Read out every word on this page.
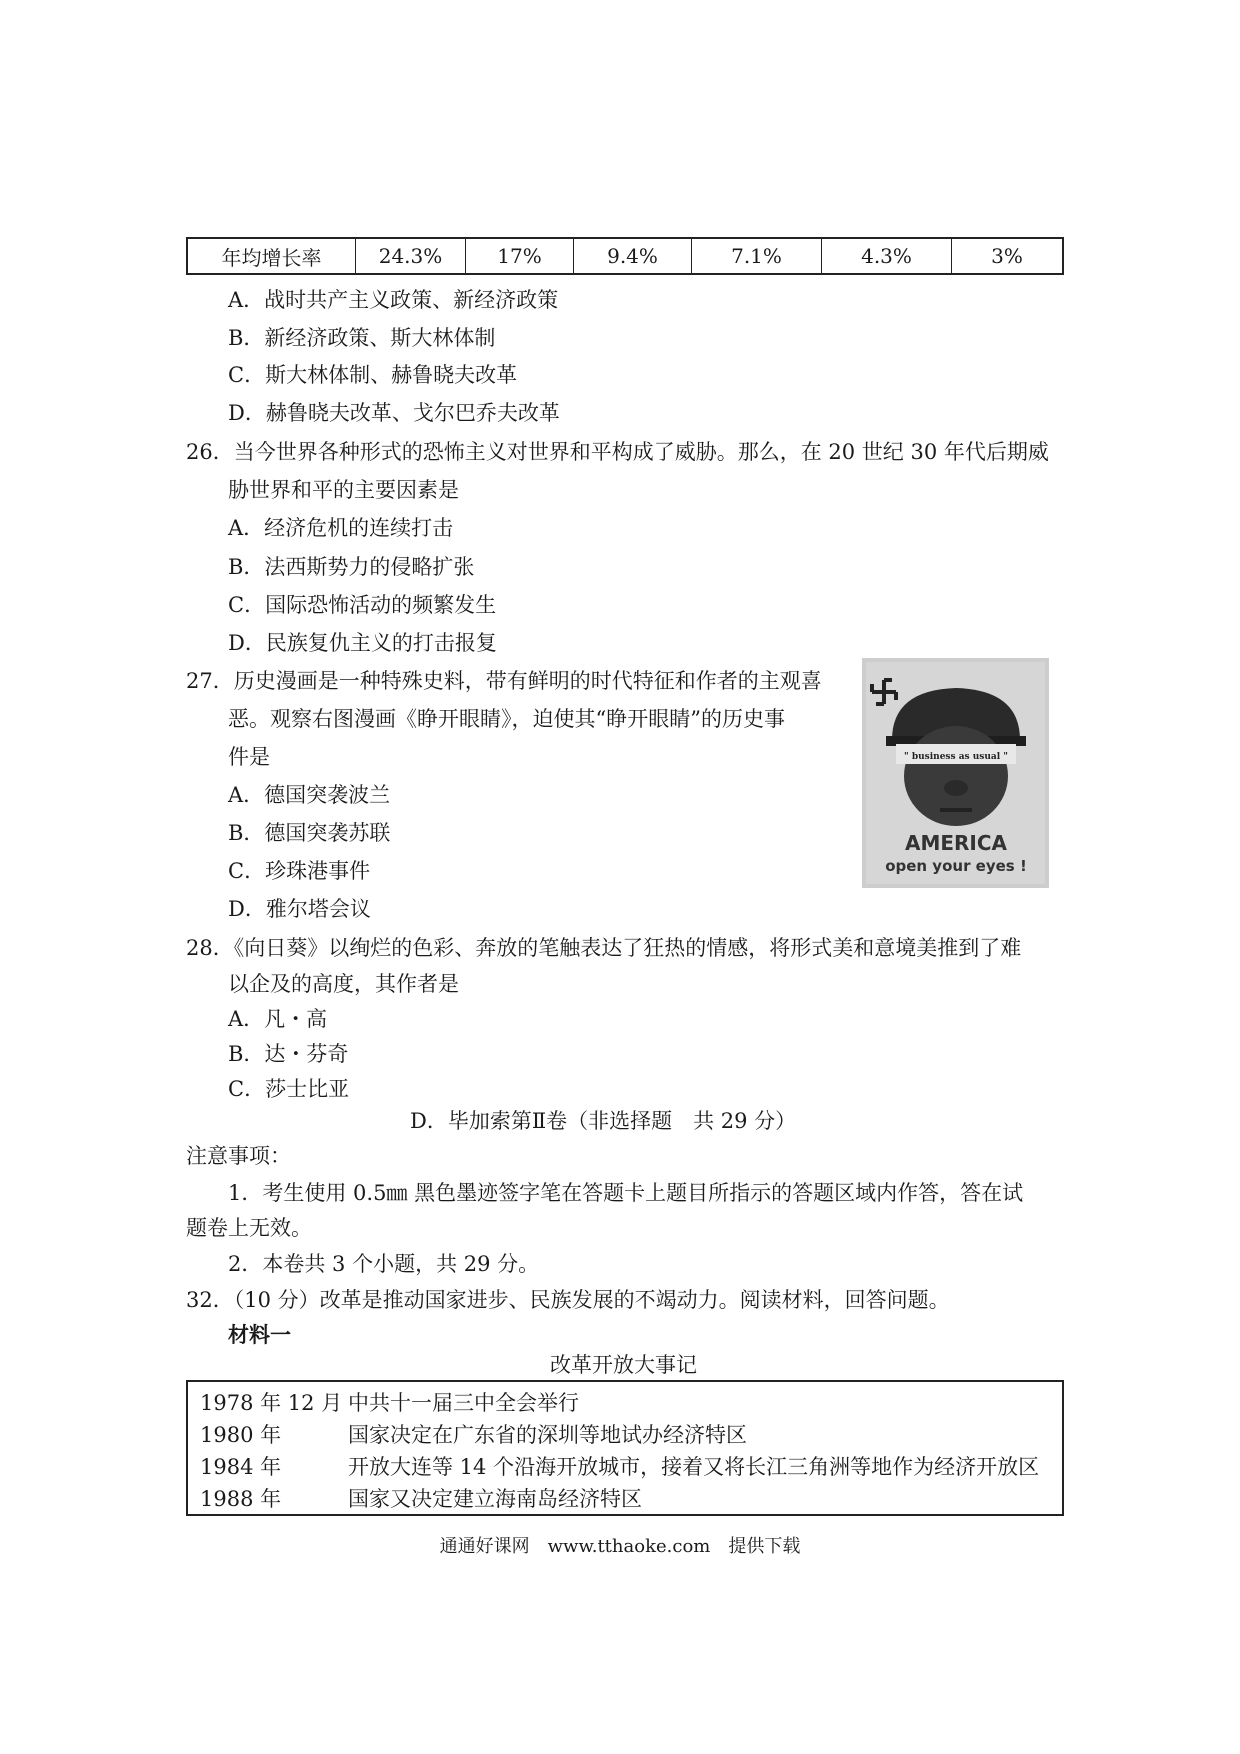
年均增长率	24.3%	17%	9.4%	7.1%	4.3%	3%
A．战时共产主义政策、新经济政策
B．新经济政策、斯大林体制
C．斯大林体制、赫鲁晓夫改革
D．赫鲁晓夫改革、戈尔巴乔夫改革
26．当今世界各种形式的恐怖主义对世界和平构成了威胁。那么，在 20 世纪 30 年代后期威
胁世界和平的主要因素是
A．经济危机的连续打击
B．法西斯势力的侵略扩张
C．国际恐怖活动的频繁发生
D．民族复仇主义的打击报复
27．历史漫画是一种特殊史料，带有鲜明的时代特征和作者的主观喜
恶。观察右图漫画《睁开眼睛》，迫使其“睁开眼睛”的历史事
件是
A．德国突袭波兰
B．德国突袭苏联
C．珍珠港事件
D．雅尔塔会议
" business as usual "
AMERICA
open your eyes !
28．《向日葵》以绚烂的色彩、奔放的笔触表达了狂热的情感，将形式美和意境美推到了难
以企及的高度，其作者是
A．凡・高
B．达・芬奇
C．莎士比亚
D．毕加索第Ⅱ卷（非选择题　共 29 分）
注意事项：
1．考生使用 0.5㎜ 黑色墨迹签字笔在答题卡上题目所指示的答题区域内作答，答在试
题卷上无效。
2．本卷共 3 个小题，共 29 分。
32．（10 分）改革是推动国家进步、民族发展的不竭动力。阅读材料，回答问题。
材料一
改革开放大事记
1978 年 12 月 中共十一届三中全会举行
1980 年	国家决定在广东省的深圳等地试办经济特区
1984 年	开放大连等 14 个沿海开放城市，接着又将长江三角洲等地作为经济开放区
1988 年	国家又决定建立海南岛经济特区
通通好课网　www.tthaoke.com　提供下载
